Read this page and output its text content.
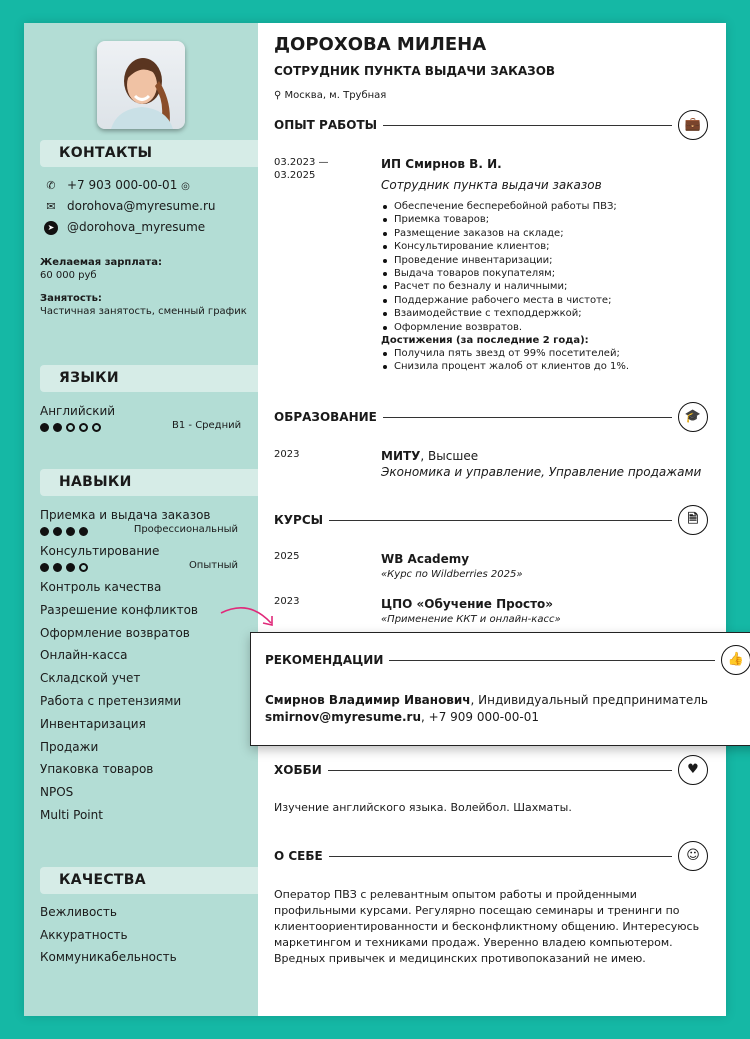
КОНТАКТЫ
✆ +7 903 000-00-01 ◎
✉ dorohova@myresume.ru
➤	@dorohova_myresume
Желаемая зарплата:
60 000 руб
Занятость:
Частичная занятость, сменный график
ЯЗЫКИ
Английский
B1 - Средний
НАВЫКИ
Приемка и выдача заказов
Профессиональный
Консультирование
Опытный
Контроль качества
Разрешение конфликтов
Оформление возвратов
Онлайн-касса
Складской учет
Работа с претензиями
Инвентаризация
Продажи
Упаковка товаров
NPOS
Multi Point
КАЧЕСТВА
Вежливость
Аккуратность
Коммуникабельность
ДОРОХОВА МИЛЕНА
СОТРУДНИК ПУНКТА ВЫДАЧИ ЗАКАЗОВ
⚲ Москва, м. Трубная
ОПЫТ РАБОТЫ	💼
03.2023 —
03.2025
ИП Смирнов В. И.
Сотрудник пункта выдачи заказов
Обеспечение бесперебойной работы ПВЗ;
Приемка товаров;
Размещение заказов на складе;
Консультирование клиентов;
Проведение инвентаризации;
Выдача товаров покупателям;
Расчет по безналу и наличными;
Поддержание рабочего места в чистоте;
Взаимодействие с техподдержкой;
Оформление возвратов.
Достижения (за последние 2 года):
Получила пять звезд от 99% посетителей;
Снизила процент жалоб от клиентов до 1%.
ОБРАЗОВАНИЕ	🎓
2023	МИТУ, Высшее
Экономика и управление, Управление продажами
КУРСЫ	🗎
2025	WB Academy
«Курс по Wildberries 2025»
2023	ЦПО «Обучение Просто»
«Применение ККТ и онлайн-касс»
РЕКОМЕНДАЦИИ	👍
Смирнов Владимир Иванович, Индивидуальный предприниматель
smirnov@myresume.ru, +7 909 000-00-01
ХОББИ	♥
Изучение английского языка. Волейбол. Шахматы.
О СЕБЕ	☺
Оператор ПВЗ с релевантным опытом работы и пройденными профильными курсами. Регулярно посещаю семинары и тренинги по клиентоориентированности и бесконфликтному общению. Интересуюсь маркетингом и техниками продаж. Уверенно владею компьютером. Вредных привычек и медицинских противопоказаний не имею.
